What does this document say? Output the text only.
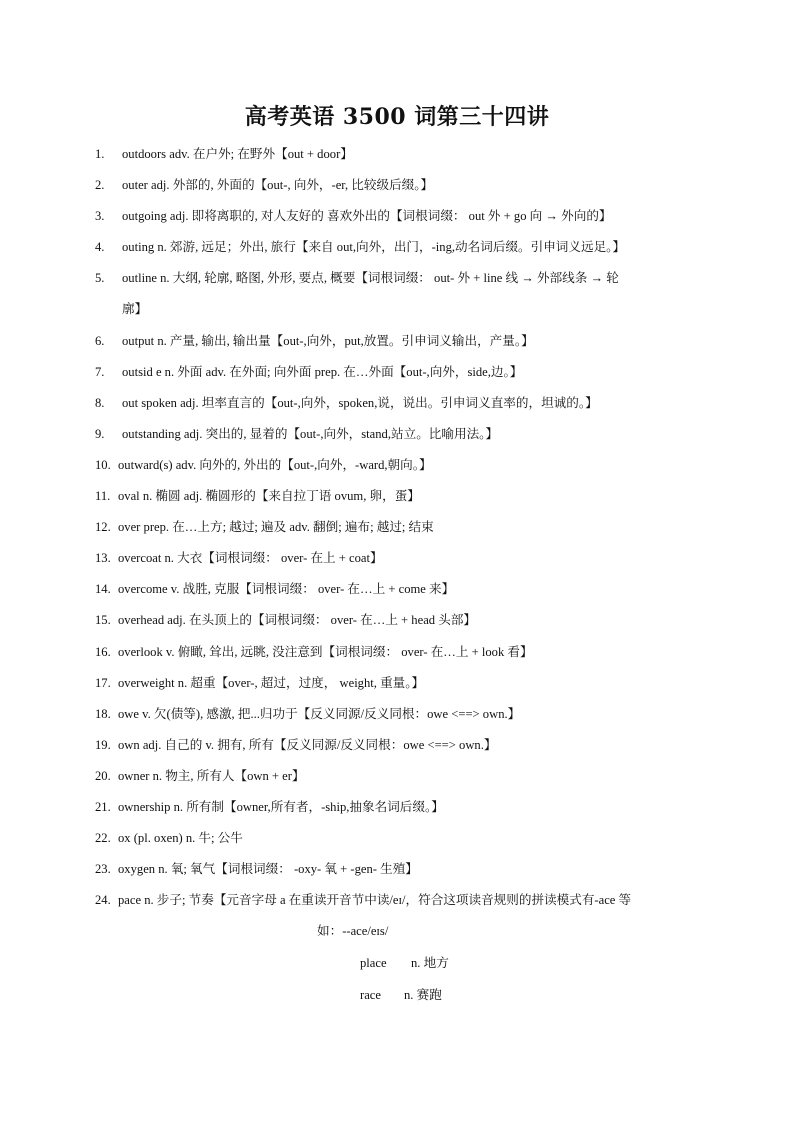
高考英语 3500 词第三十四讲
1. outdoors adv. 在户外; 在野外【out + door】
2. outer adj. 外部的, 外面的【out-, 向外，-er, 比较级后缀。】
3. outgoing adj. 即将离职的, 对人友好的 喜欢外出的【词根词缀： out 外 + go 向 → 外向的】
4. outing n. 郊游, 远足；外出, 旅行【来自 out,向外，出门，-ing,动名词后缀。引申词义远足。】
5. outline n. 大纲, 轮廓, 略图, 外形, 要点, 概要【词根词缀： out- 外 + line 线 → 外部线条 → 轮
廓】
6. output n. 产量, 输出, 输出量【out-,向外，put,放置。引申词义输出，产量。】
7. outsid e n. 外面 adv. 在外面; 向外面 prep. 在…外面【out-,向外，side,边。】
8. out spoken adj. 坦率直言的【out-,向外，spoken,说，说出。引申词义直率的，坦诚的。】
9. outstanding adj. 突出的, 显着的【out-,向外，stand,站立。比喻用法。】
10. outward(s) adv. 向外的, 外出的【out-,向外，-ward,朝向。】
11. oval n. 椭圆 adj. 椭圆形的【来自拉丁语 ovum, 卵，蛋】
12. over prep. 在…上方; 越过; 遍及 adv. 翻倒; 遍布; 越过; 结束
13. overcoat n. 大衣【词根词缀： over- 在上 + coat】
14. overcome v. 战胜, 克服【词根词缀： over- 在…上 + come 来】
15. overhead adj. 在头顶上的【词根词缀： over- 在…上 + head 头部】
16. overlook v. 俯瞰, 耸出, 远眺, 没注意到【词根词缀： over- 在…上 + look 看】
17. overweight n. 超重【over-, 超过，过度， weight, 重量。】
18. owe v. 欠(债等), 感激, 把...归功于【反义同源/反义同根：owe <==> own.】
19. own adj. 自己的 v. 拥有, 所有【反义同源/反义同根：owe <==> own.】
20. owner n. 物主, 所有人【own + er】
21. ownership n. 所有制【owner,所有者，-ship,抽象名词后缀。】
22. ox (pl. oxen) n. 牛; 公牛
23. oxygen n. 氧; 氧气【词根词缀： -oxy- 氧 + -gen- 生殖】
24. pace n. 步子; 节奏【元音字母 a 在重读开音节中读/eɪ/，符合这项读音规则的拼读模式有-ace 等
如：--ace/eɪs/
place n. 地方
race n. 赛跑
